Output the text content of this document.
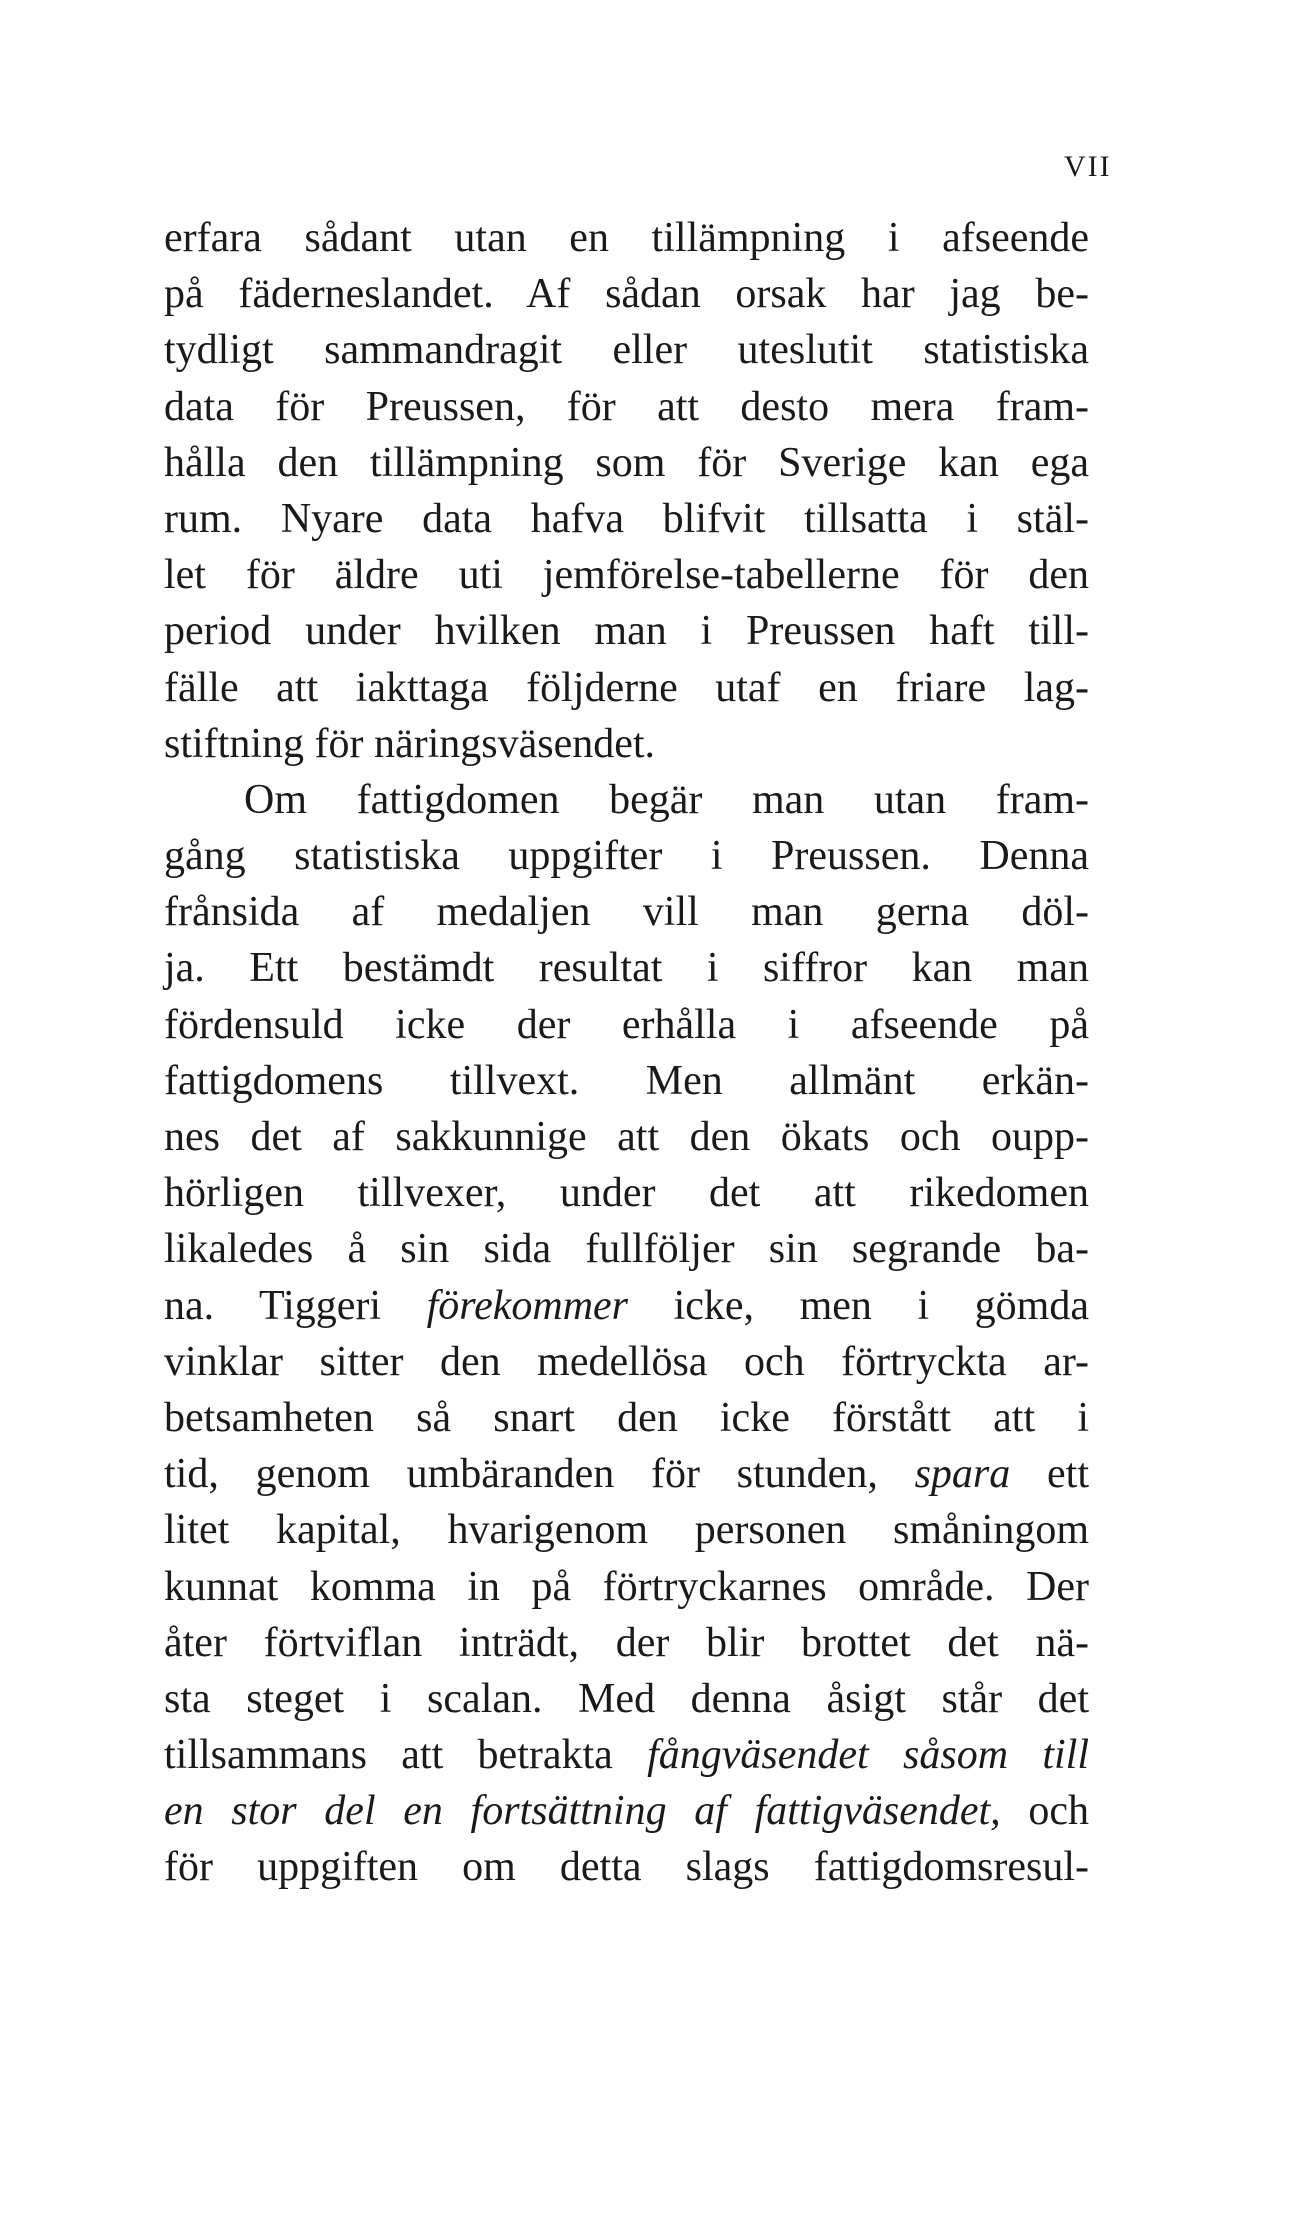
VII
erfara sådant utan en tillämpning i afseende
på fäderneslandet. Af sådan orsak har jag be-
tydligt sammandragit eller uteslutit statistiska
data för Preussen, för att desto mera fram-
hålla den tillämpning som för Sverige kan ega
rum. Nyare data hafva blifvit tillsatta i stäl-
let för äldre uti jemförelse-tabellerne för den
period under hvilken man i Preussen haft till-
fälle att iakttaga följderne utaf en friare lag-
stiftning för näringsväsendet.
Om fattigdomen begär man utan fram-
gång statistiska uppgifter i Preussen. Denna
frånsida af medaljen vill man gerna döl-
ja. Ett bestämdt resultat i siffror kan man
fördensuld icke der erhålla i afseende på
fattigdomens tillvext. Men allmänt erkän-
nes det af sakkunnige att den ökats och oupp-
hörligen tillvexer, under det att rikedomen
likaledes å sin sida fullföljer sin segrande ba-
na. Tiggeri förekommer icke, men i gömda
vinklar sitter den medellösa och förtryckta ar-
betsamheten så snart den icke förstått att i
tid, genom umbäranden för stunden, spara ett
litet kapital, hvarigenom personen småningom
kunnat komma in på förtryckarnes område. Der
åter förtviflan inträdt, der blir brottet det nä-
sta steget i scalan. Med denna åsigt står det
tillsammans att betrakta fångväsendet såsom till
en stor del en fortsättning af fattigväsendet, och
för uppgiften om detta slags fattigdomsresul-
